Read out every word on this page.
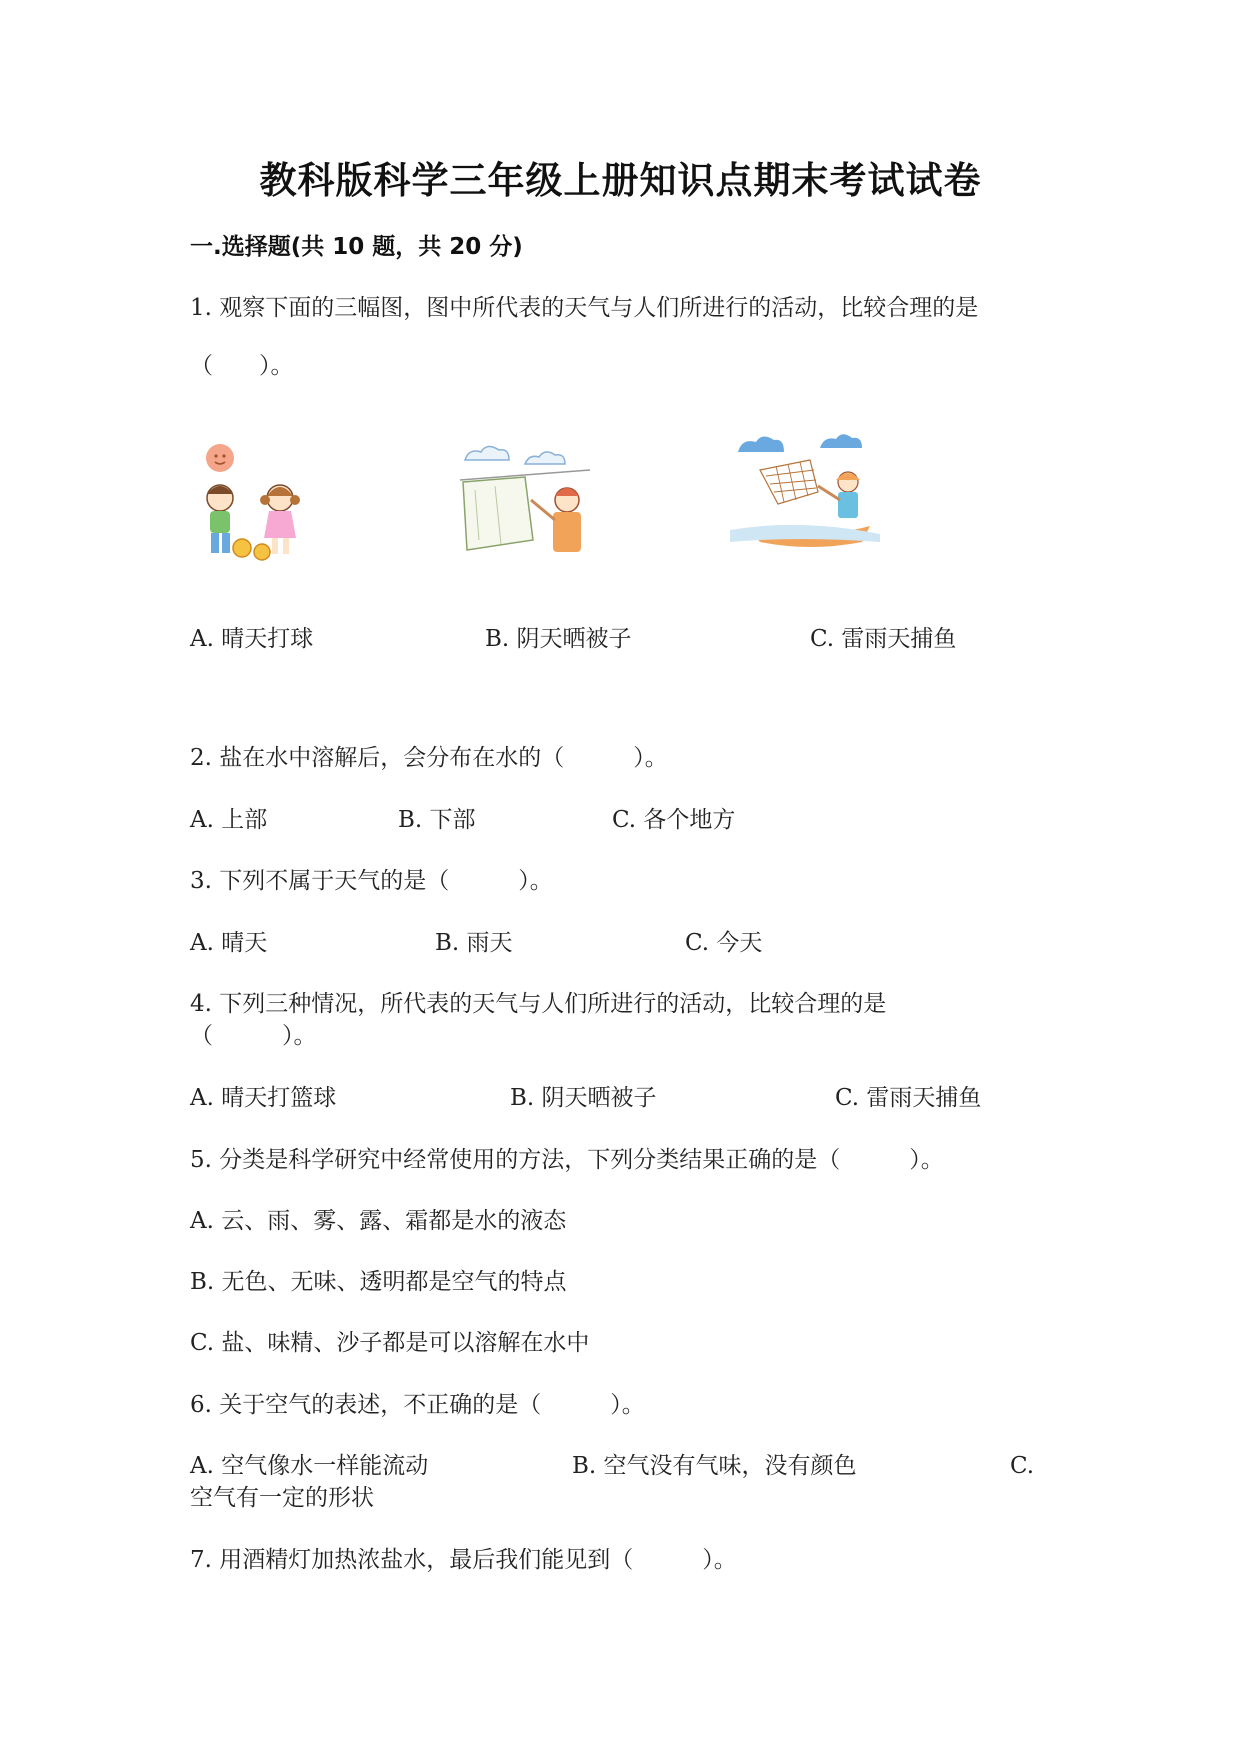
教科版科学三年级上册知识点期末考试试卷
一.选择题(共 10 题，共 20 分)
1. 观察下面的三幅图，图中所代表的天气与人们所进行的活动，比较合理的是
（　　）。
A. 晴天打球	B. 阴天晒被子	C. 雷雨天捕鱼
2. 盐在水中溶解后，会分布在水的（　　　）。
A. 上部	B. 下部	C. 各个地方
3. 下列不属于天气的是（　　　）。
A. 晴天	B. 雨天	C. 今天
4. 下列三种情况，所代表的天气与人们所进行的活动，比较合理的是
（　　　）。
A. 晴天打篮球	B. 阴天晒被子	C. 雷雨天捕鱼
5. 分类是科学研究中经常使用的方法，下列分类结果正确的是（　　　）。
A. 云、雨、雾、露、霜都是水的液态
B. 无色、无味、透明都是空气的特点
C. 盐、味精、沙子都是可以溶解在水中
6. 关于空气的表述，不正确的是（　　　）。
A. 空气像水一样能流动	B. 空气没有气味，没有颜色	C.
空气有一定的形状
7. 用酒精灯加热浓盐水，最后我们能见到（　　　）。
